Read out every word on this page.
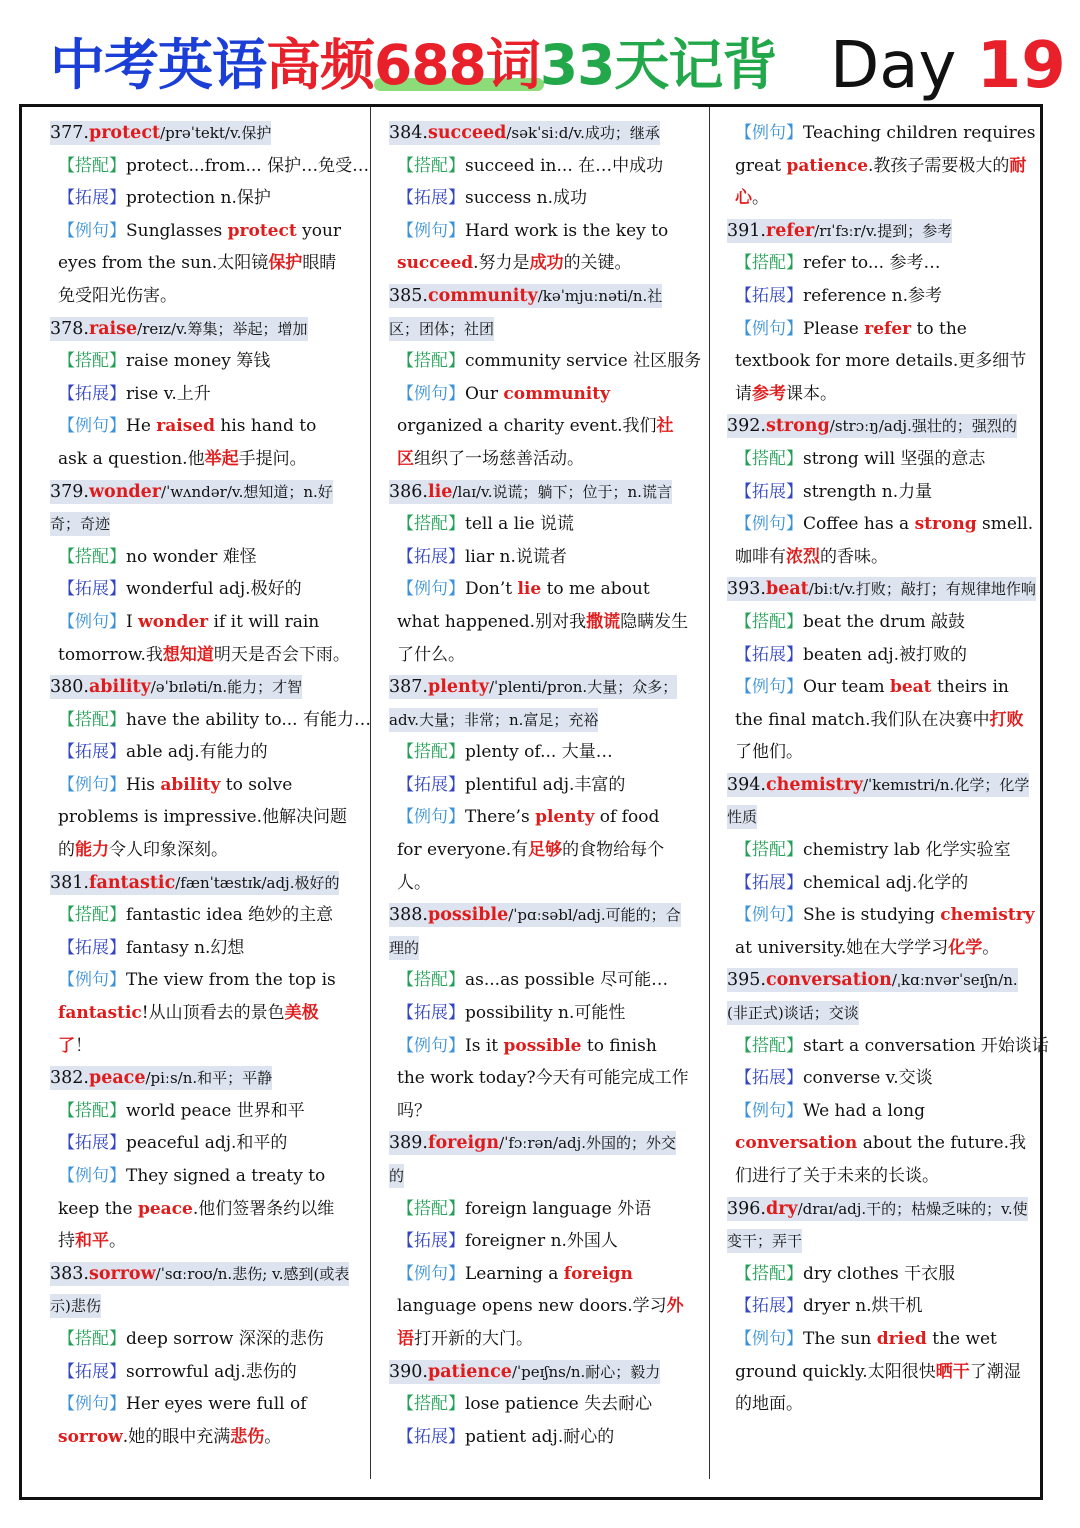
中考英语
高频688词33天记背 Day 19
377.protect/prəˈtekt/v.保护
【搭配】protect...from... 保护…免受…
【拓展】protection n.保护
【例句】Sunglasses protect your eyes from the sun.太阳镜保护眼睛免受阳光伤害。
378.raise/reɪz/v.筹集；举起；增加
【搭配】raise money 筹钱
【拓展】rise v.上升
【例句】He raised his hand to ask a question.他举起手提问。
379.wonder/ˈwʌndər/v.想知道；n.好奇；奇迹
【搭配】no wonder 难怪
【拓展】wonderful adj.极好的
【例句】I wonder if it will rain tomorrow.我想知道明天是否会下雨。
380.ability/əˈbɪləti/n.能力；才智
【搭配】have the ability to... 有能力…
【拓展】able adj.有能力的
【例句】His ability to solve problems is impressive.他解决问题的能力令人印象深刻。
381.fantastic/fænˈtæstɪk/adj.极好的
【搭配】fantastic idea 绝妙的主意
【拓展】fantasy n.幻想
【例句】The view from the top is fantastic!从山顶看去的景色美极了！
382.peace/piːs/n.和平；平静
【搭配】world peace 世界和平
【拓展】peaceful adj.和平的
【例句】They signed a treaty to keep the peace.他们签署条约以维持和平。
383.sorrow/ˈsɑːroʊ/n.悲伤; v.感到(或表示)悲伤
【搭配】deep sorrow 深深的悲伤
【拓展】sorrowful adj.悲伤的
【例句】Her eyes were full of sorrow.她的眼中充满悲伤。
384.succeed/səkˈsiːd/v.成功；继承
【搭配】succeed in... 在…中成功
【拓展】success n.成功
【例句】Hard work is the key to succeed.努力是成功的关键。
385.community/kəˈmjuːnəti/n.社区；团体；社团
【搭配】community service 社区服务
【例句】Our community organized a charity event.我们社区组织了一场慈善活动。
386.lie/laɪ/v.说谎；躺下；位于；n.谎言
【搭配】tell a lie 说谎
【拓展】liar n.说谎者
【例句】Don’t lie to me about what happened.别对我撒谎隐瞒发生了什么。
387.plenty/ˈplenti/pron.大量；众多；adv.大量；非常；n.富足；充裕
【搭配】plenty of... 大量…
【拓展】plentiful adj.丰富的
【例句】There’s plenty of food for everyone.有足够的食物给每个人。
388.possible/ˈpɑːsəbl/adj.可能的；合理的
【搭配】as...as possible 尽可能…
【拓展】possibility n.可能性
【例句】Is it possible to finish the work today?今天有可能完成工作吗？
389.foreign/ˈfɔːrən/adj.外国的；外交的
【搭配】foreign language 外语
【拓展】foreigner n.外国人
【例句】Learning a foreign language opens new doors.学习外语打开新的大门。
390.patience/ˈpeɪʃns/n.耐心；毅力
【搭配】lose patience 失去耐心
【拓展】patient adj.耐心的
【例句】Teaching children requires great patience.教孩子需要极大的耐心。
391.refer/rɪˈfɜːr/v.提到；参考
【搭配】refer to... 参考…
【拓展】reference n.参考
【例句】Please refer to the textbook for more details.更多细节请参考课本。
392.strong/strɔːŋ/adj.强壮的；强烈的
【搭配】strong will 坚强的意志
【拓展】strength n.力量
【例句】Coffee has a strong smell.咖啡有浓烈的香味。
393.beat/biːt/v.打败；敲打；有规律地作响
【搭配】beat the drum 敲鼓
【拓展】beaten adj.被打败的
【例句】Our team beat theirs in the final match.我们队在决赛中打败了他们。
394.chemistry/ˈkemɪstri/n.化学；化学性质
【搭配】chemistry lab 化学实验室
【拓展】chemical adj.化学的
【例句】She is studying chemistry at university.她在大学学习化学。
395.conversation/ˌkɑːnvərˈseɪʃn/n.(非正式)谈话；交谈
【搭配】start a conversation 开始谈话
【拓展】converse v.交谈
【例句】We had a long conversation about the future.我们进行了关于未来的长谈。
396.dry/draɪ/adj.干的；枯燥乏味的；v.使变干；弄干
【搭配】dry clothes 干衣服
【拓展】dryer n.烘干机
【例句】The sun dried the wet ground quickly.太阳很快晒干了潮湿的地面。
